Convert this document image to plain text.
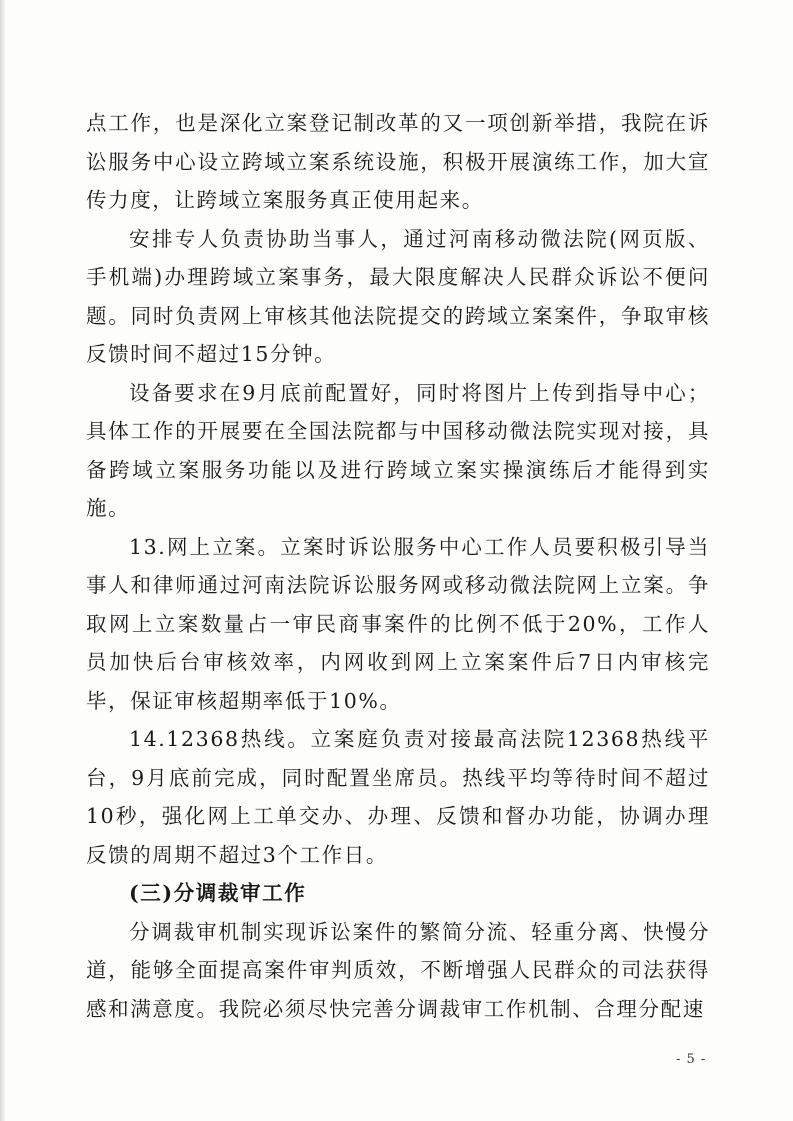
点工作，也是深化立案登记制改革的又一项创新举措，我院在诉讼服务中心设立跨域立案系统设施，积极开展演练工作，加大宣传力度，让跨域立案服务真正使用起来。

安排专人负责协助当事人，通过河南移动微法院(网页版、手机端)办理跨域立案事务，最大限度解决人民群众诉讼不便问题。同时负责网上审核其他法院提交的跨域立案案件，争取审核反馈时间不超过15分钟。

设备要求在9月底前配置好，同时将图片上传到指导中心；具体工作的开展要在全国法院都与中国移动微法院实现对接，具备跨域立案服务功能以及进行跨域立案实操演练后才能得到实施。

13.网上立案。立案时诉讼服务中心工作人员要积极引导当事人和律师通过河南法院诉讼服务网或移动微法院网上立案。争取网上立案数量占一审民商事案件的比例不低于20%，工作人员加快后台审核效率，内网收到网上立案案件后7日内审核完毕，保证审核超期率低于10%。

14.12368热线。立案庭负责对接最高法院12368热线平台，9月底前完成，同时配置坐席员。热线平均等待时间不超过10秒，强化网上工单交办、办理、反馈和督办功能，协调办理反馈的周期不超过3个工作日。

(三)分调裁审工作

分调裁审机制实现诉讼案件的繁简分流、轻重分离、快慢分道，能够全面提高案件审判质效，不断增强人民群众的司法获得感和满意度。我院必须尽快完善分调裁审工作机制、合理分配速

- 5 -
